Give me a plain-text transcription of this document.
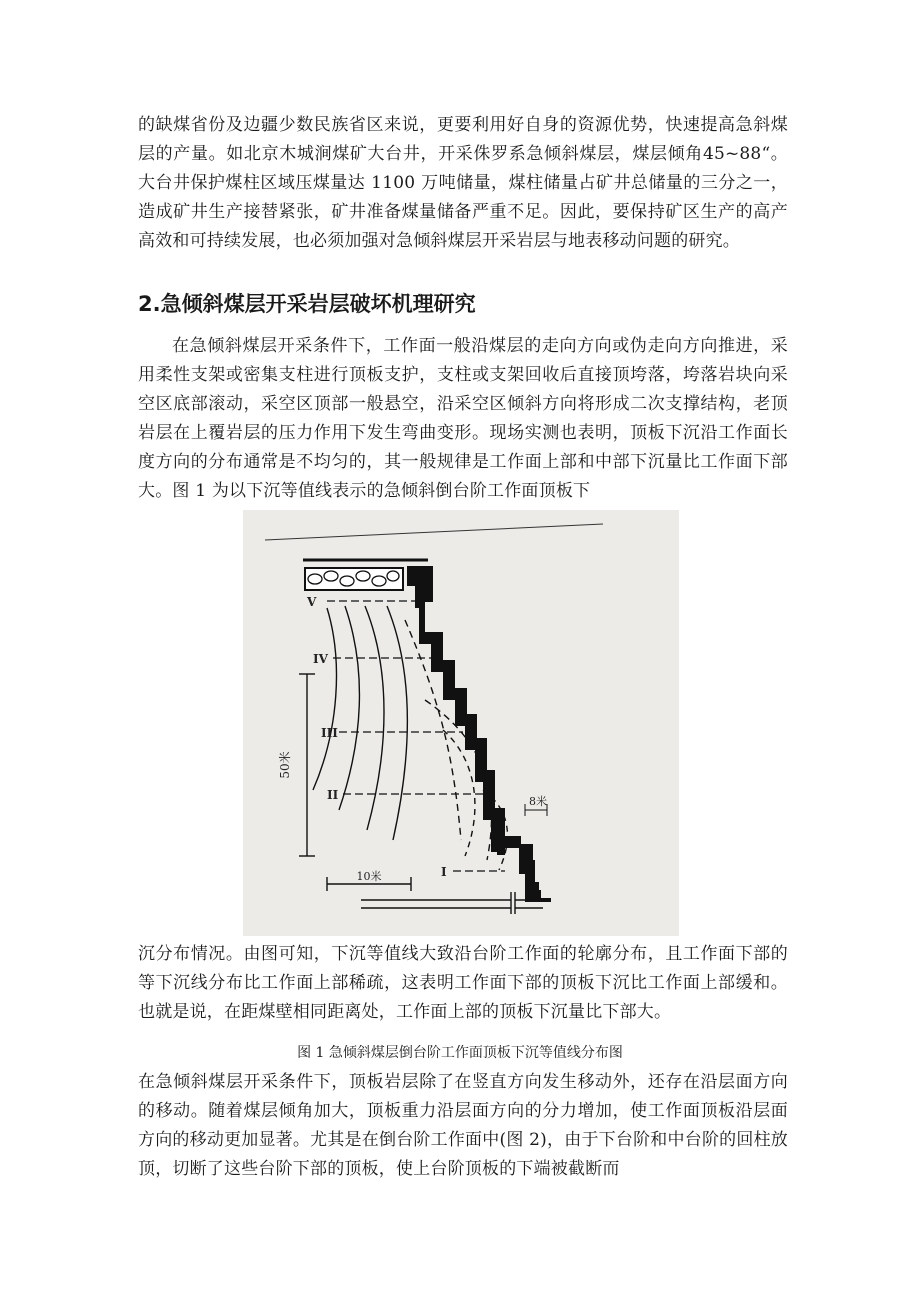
的缺煤省份及边疆少数民族省区来说，更要利用好自身的资源优势，快速提高急斜煤层的产量。如北京木城涧煤矿大台井，开采侏罗系急倾斜煤层，煤层倾角45~88“。大台井保护煤柱区域压煤量达 1100 万吨储量，煤柱储量占矿井总储量的三分之一，造成矿井生产接替紧张，矿井准备煤量储备严重不足。因此，要保持矿区生产的高产高效和可持续发展，也必须加强对急倾斜煤层开采岩层与地表移动问题的研究。

2.急倾斜煤层开采岩层破坏机理研究

在急倾斜煤层开采条件下，工作面一般沿煤层的走向方向或伪走向方向推进，采用柔性支架或密集支柱进行顶板支护，支柱或支架回收后直接顶垮落，垮落岩块向采空区底部滚动，采空区顶部一般悬空，沿采空区倾斜方向将形成二次支撑结构，老顶岩层在上覆岩层的压力作用下发生弯曲变形。现场实测也表明，顶板下沉沿工作面长度方向的分布通常是不均匀的，其一般规律是工作面上部和中部下沉量比工作面下部大。图 1 为以下沉等值线表示的急倾斜倒台阶工作面顶板下

8米
V
IV
III
II
I
50米
10米

沉分布情况。由图可知，下沉等值线大致沿台阶工作面的轮廓分布，且工作面下部的等下沉线分布比工作面上部稀疏，这表明工作面下部的顶板下沉比工作面上部缓和。也就是说，在距煤壁相同距离处，工作面上部的顶板下沉量比下部大。

图 1 急倾斜煤层倒台阶工作面顶板下沉等值线分布图

在急倾斜煤层开采条件下，顶板岩层除了在竖直方向发生移动外，还存在沿层面方向的移动。随着煤层倾角加大，顶板重力沿层面方向的分力增加，使工作面顶板沿层面方向的移动更加显著。尤其是在倒台阶工作面中(图 2)，由于下台阶和中台阶的回柱放顶，切断了这些台阶下部的顶板，使上台阶顶板的下端被截断而
